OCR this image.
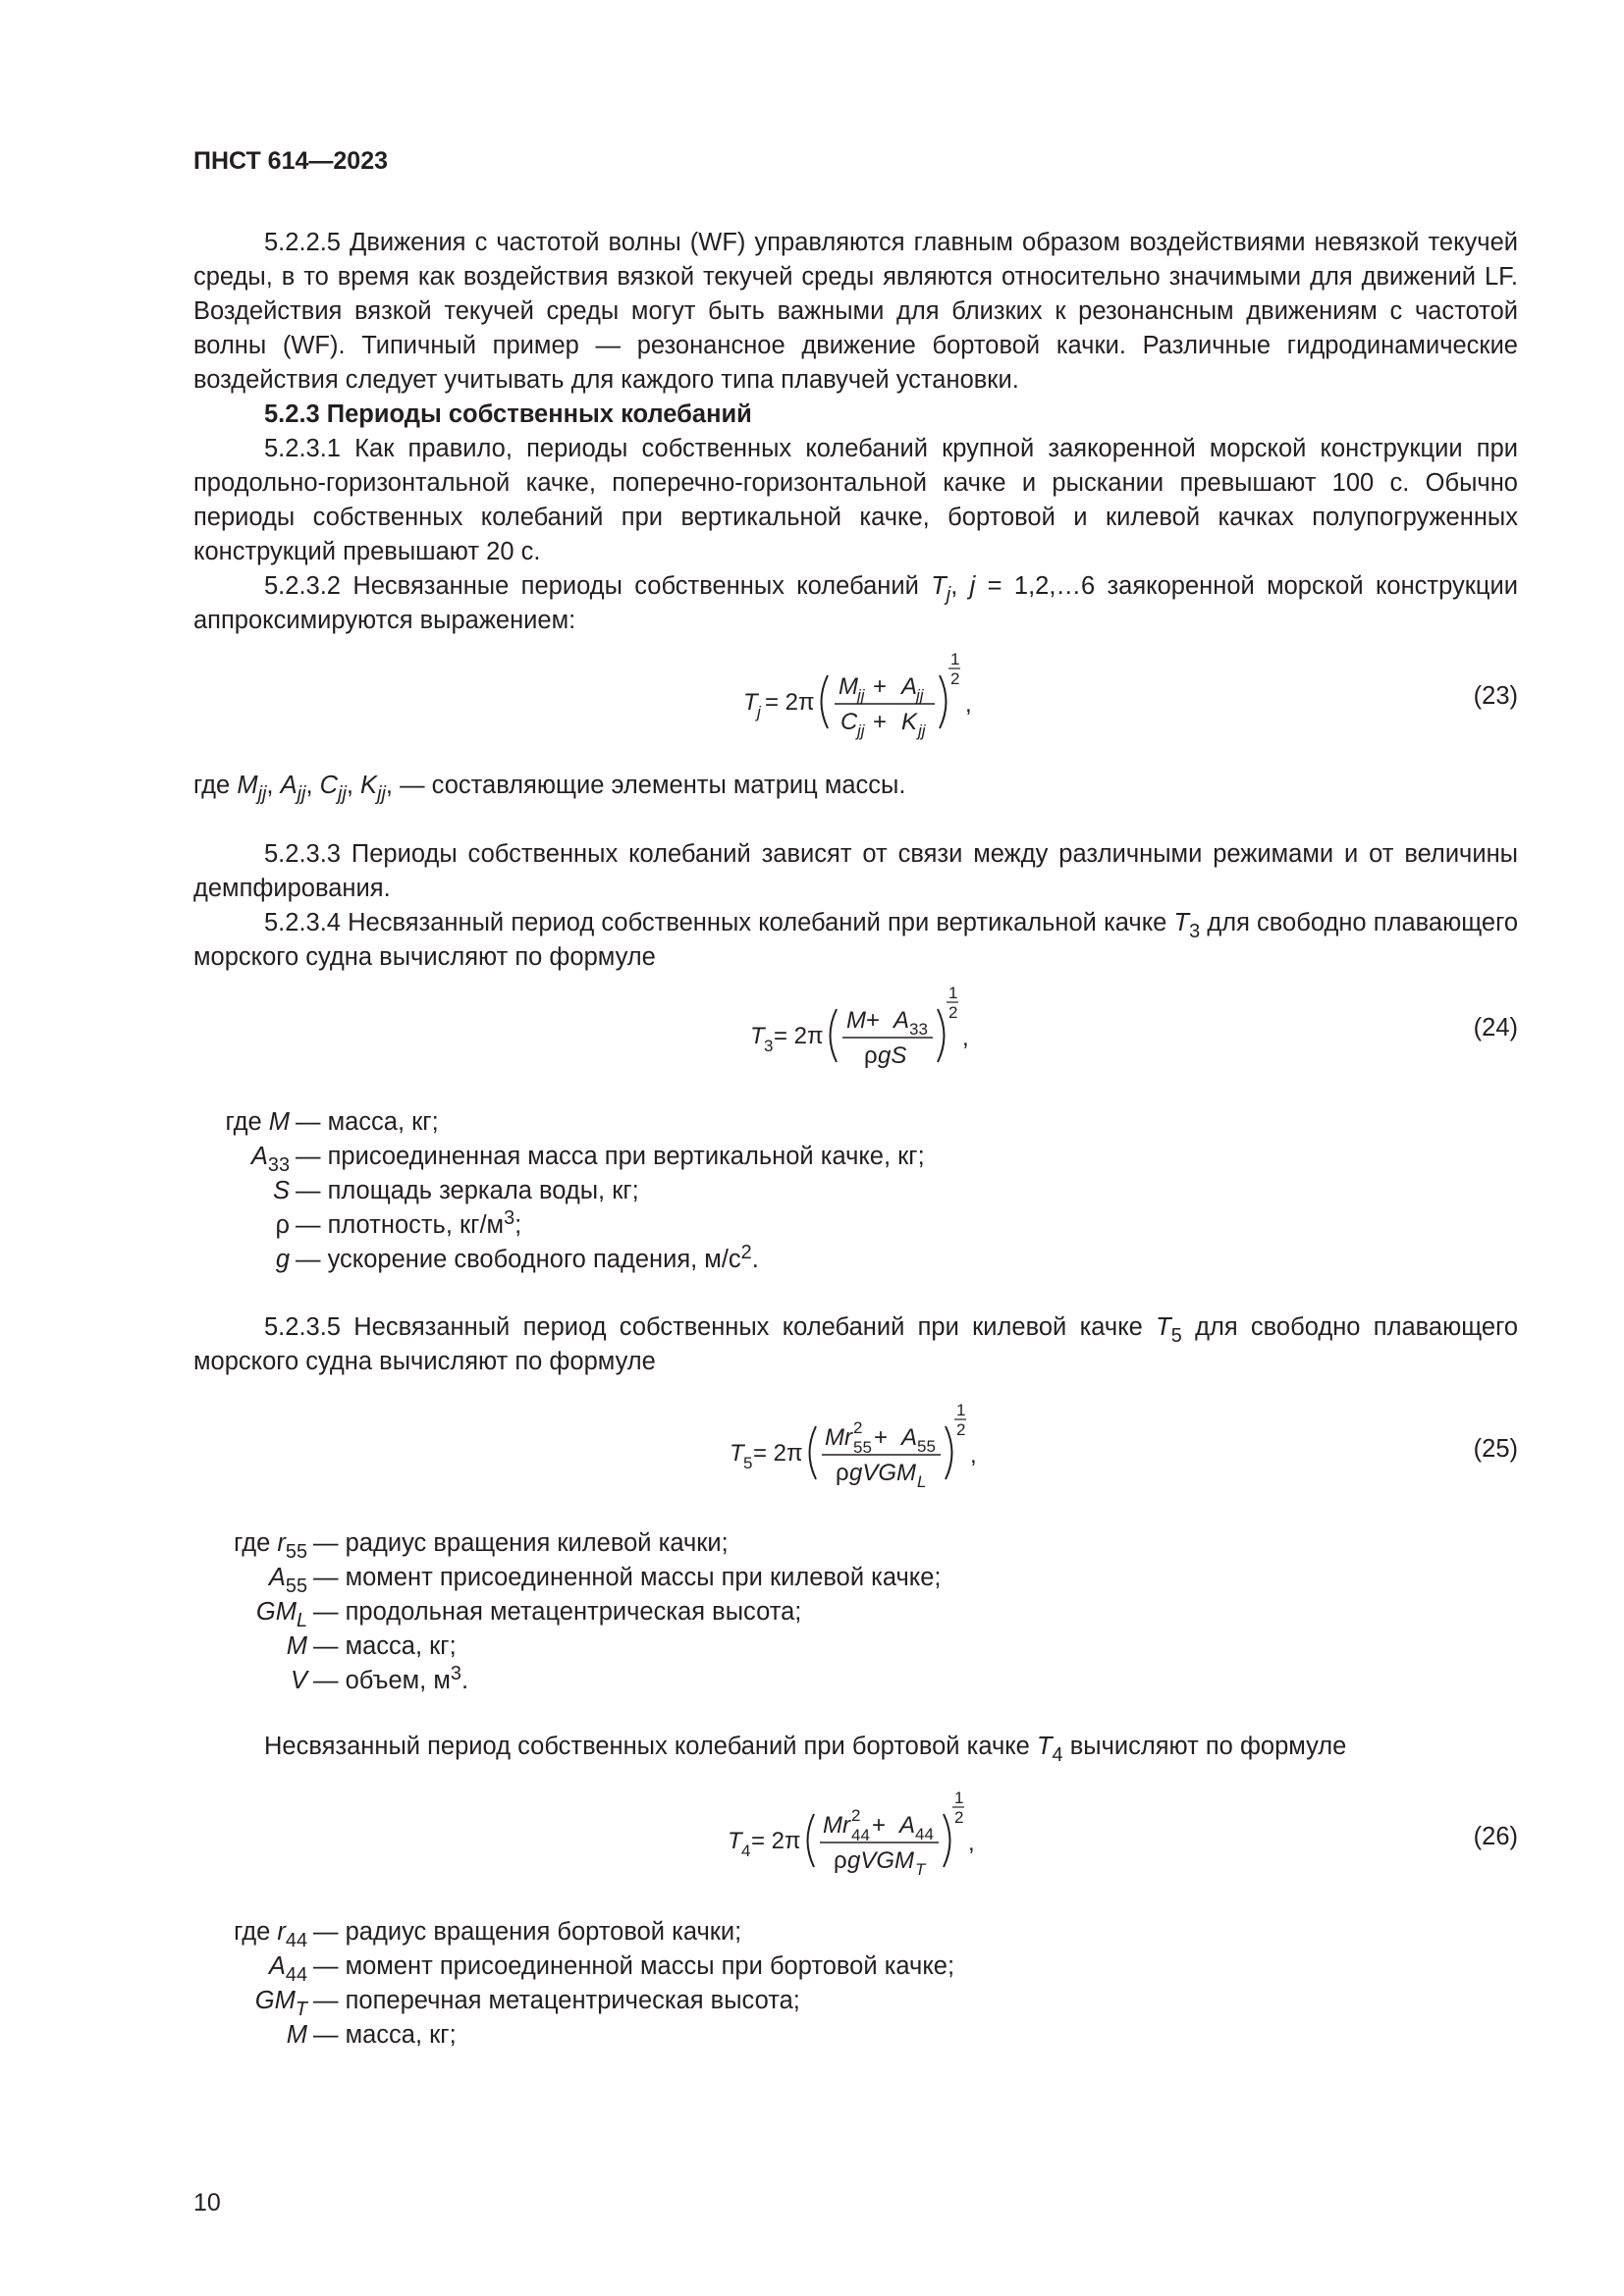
ПНСТ 614—2023

5.2.2.5 Движения с частотой волны (WF) управляются главным образом воздействиями невязкой текучей среды, в то время как воздействия вязкой текучей среды являются относительно значимыми для движений LF. Воздействия вязкой текучей среды могут быть важными для близких к резонансным движениям с частотой волны (WF). Типичный пример — резонансное движение бортовой качки. Различные гидродинамические воздействия следует учитывать для каждого типа плавучей установки.

5.2.3 Периоды собственных колебаний

5.2.3.1 Как правило, периоды собственных колебаний крупной заякоренной морской конструкции при продольно-горизонтальной качке, поперечно-горизонтальной качке и рыскании превышают 100 с. Обычно периоды собственных колебаний при вертикальной качке, бортовой и килевой качках полупогруженных конструкций превышают 20 с.

5.2.3.2 Несвязанные периоды собственных колебаний $T_j$, j = 1,2,…6 заякоренной морской конструкции аппроксимируются выражением:

T j = 2π
M jj + A
jj
C jj + K jj
1
2
,	(23)

где $M_{jj}$, $A_{jj}$, $C_{jj}$, $K_{jj}$, — составляющие элементы матриц массы.

5.2.3.3 Периоды собственных колебаний зависят от связи между различными режимами и от величины демпфирования.

5.2.3.4 Несвязанный период собственных колебаний при вертикальной качке $T_3$ для свободно плавающего морского судна вычисляют по формуле

T 3 = 2π
M + A 33
ρ gS
1
2
,	(24)
где M — масса, кг;
$A_{33}$ — присоединенная масса при вертикальной качке, кг;
S — площадь зеркала воды, кг;
ρ — плотность, $кг/м^3$;
g — ускорение свободного падения, $м/с^2$.

5.2.3.5 Несвязанный период собственных колебаний при килевой качке $T_5$ для свободно плавающего морского судна вычисляют по формуле

T 5 = 2π
Mr 2
55 + A 55
ρ gVGM L
1
2
,	(25)
где $r_{55}$ — радиус вращения килевой качки;
$A_{55}$ — момент присоединенной массы при килевой качке;
$GM_L$ — продольная метацентрическая высота;
M — масса, кг;
V — объем, $м^3$.

Несвязанный период собственных колебаний при бортовой качке $T_4$ вычисляют по формуле

T 4 = 2π
Mr 2
44 + A 44
ρ gVGM T
1
2
,	(26)
где $r_{44}$ — радиус вращения бортовой качки;
$A_{44}$ — момент присоединенной массы при бортовой качке;
$GM_T$ — поперечная метацентрическая высота;
M — масса, кг;
10
